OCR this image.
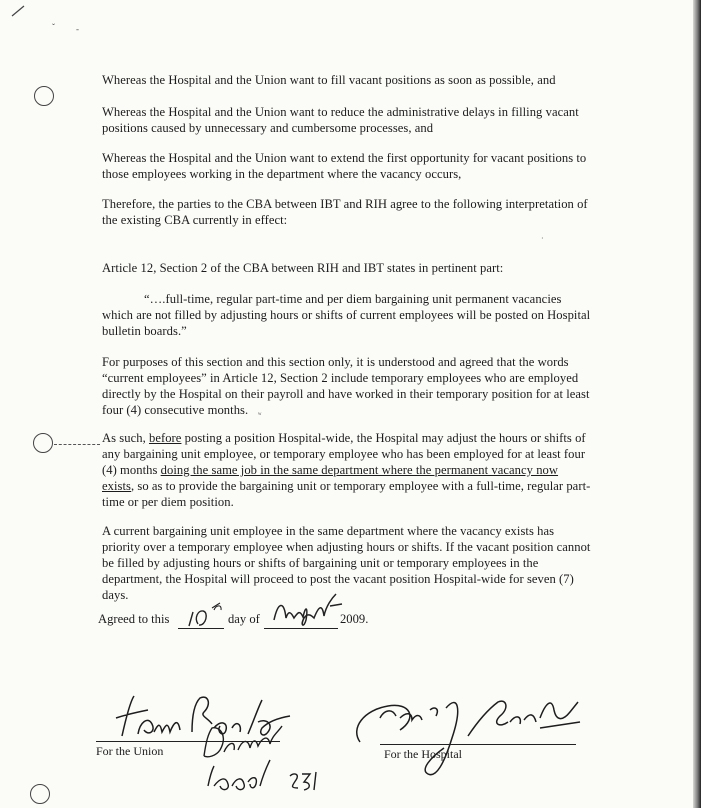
ˇ -
Whereas the Hospital and the Union want to fill vacant positions as soon as possible, and
Whereas the Hospital and the Union want to reduce the administrative delays in filling vacant positions caused by unnecessary and cumbersome processes, and
Whereas the Hospital and the Union want to extend the first opportunity for vacant positions to those employees working in the department where the vacancy occurs,
Therefore, the parties to the CBA between IBT and RIH agree to the following interpretation of the existing CBA currently in effect:
Article 12, Section 2 of the CBA between RIH and IBT states in pertinent part:
“….full-time, regular part-time and per diem bargaining unit permanent vacancies which are not filled by adjusting hours or shifts of current employees will be posted on Hospital bulletin boards.”
For purposes of this section and this section only, it is understood and agreed that the words “current employees” in Article 12, Section 2 include temporary employees who are employed directly by the Hospital on their payroll and have worked in their temporary position for at least four (4) consecutive months.
As such, before posting a position Hospital-wide, the Hospital may adjust the hours or shifts of any bargaining unit employee, or temporary employee who has been employed for at least four (4) months doing the same job in the same department where the permanent vacancy now exists, so as to provide the bargaining unit or temporary employee with a full-time, regular part-time or per diem position.
A current bargaining unit employee in the same department where the vacancy exists has priority over a temporary employee when adjusting hours or shifts. If the vacant position cannot be filled by adjusting hours or shifts of bargaining unit or temporary employees in the department, the Hospital will proceed to post the vacant position Hospital-wide for seven (7) days.
Agreed to this	day of	2009.
For the Union	For the Hospital
·
ʷ
